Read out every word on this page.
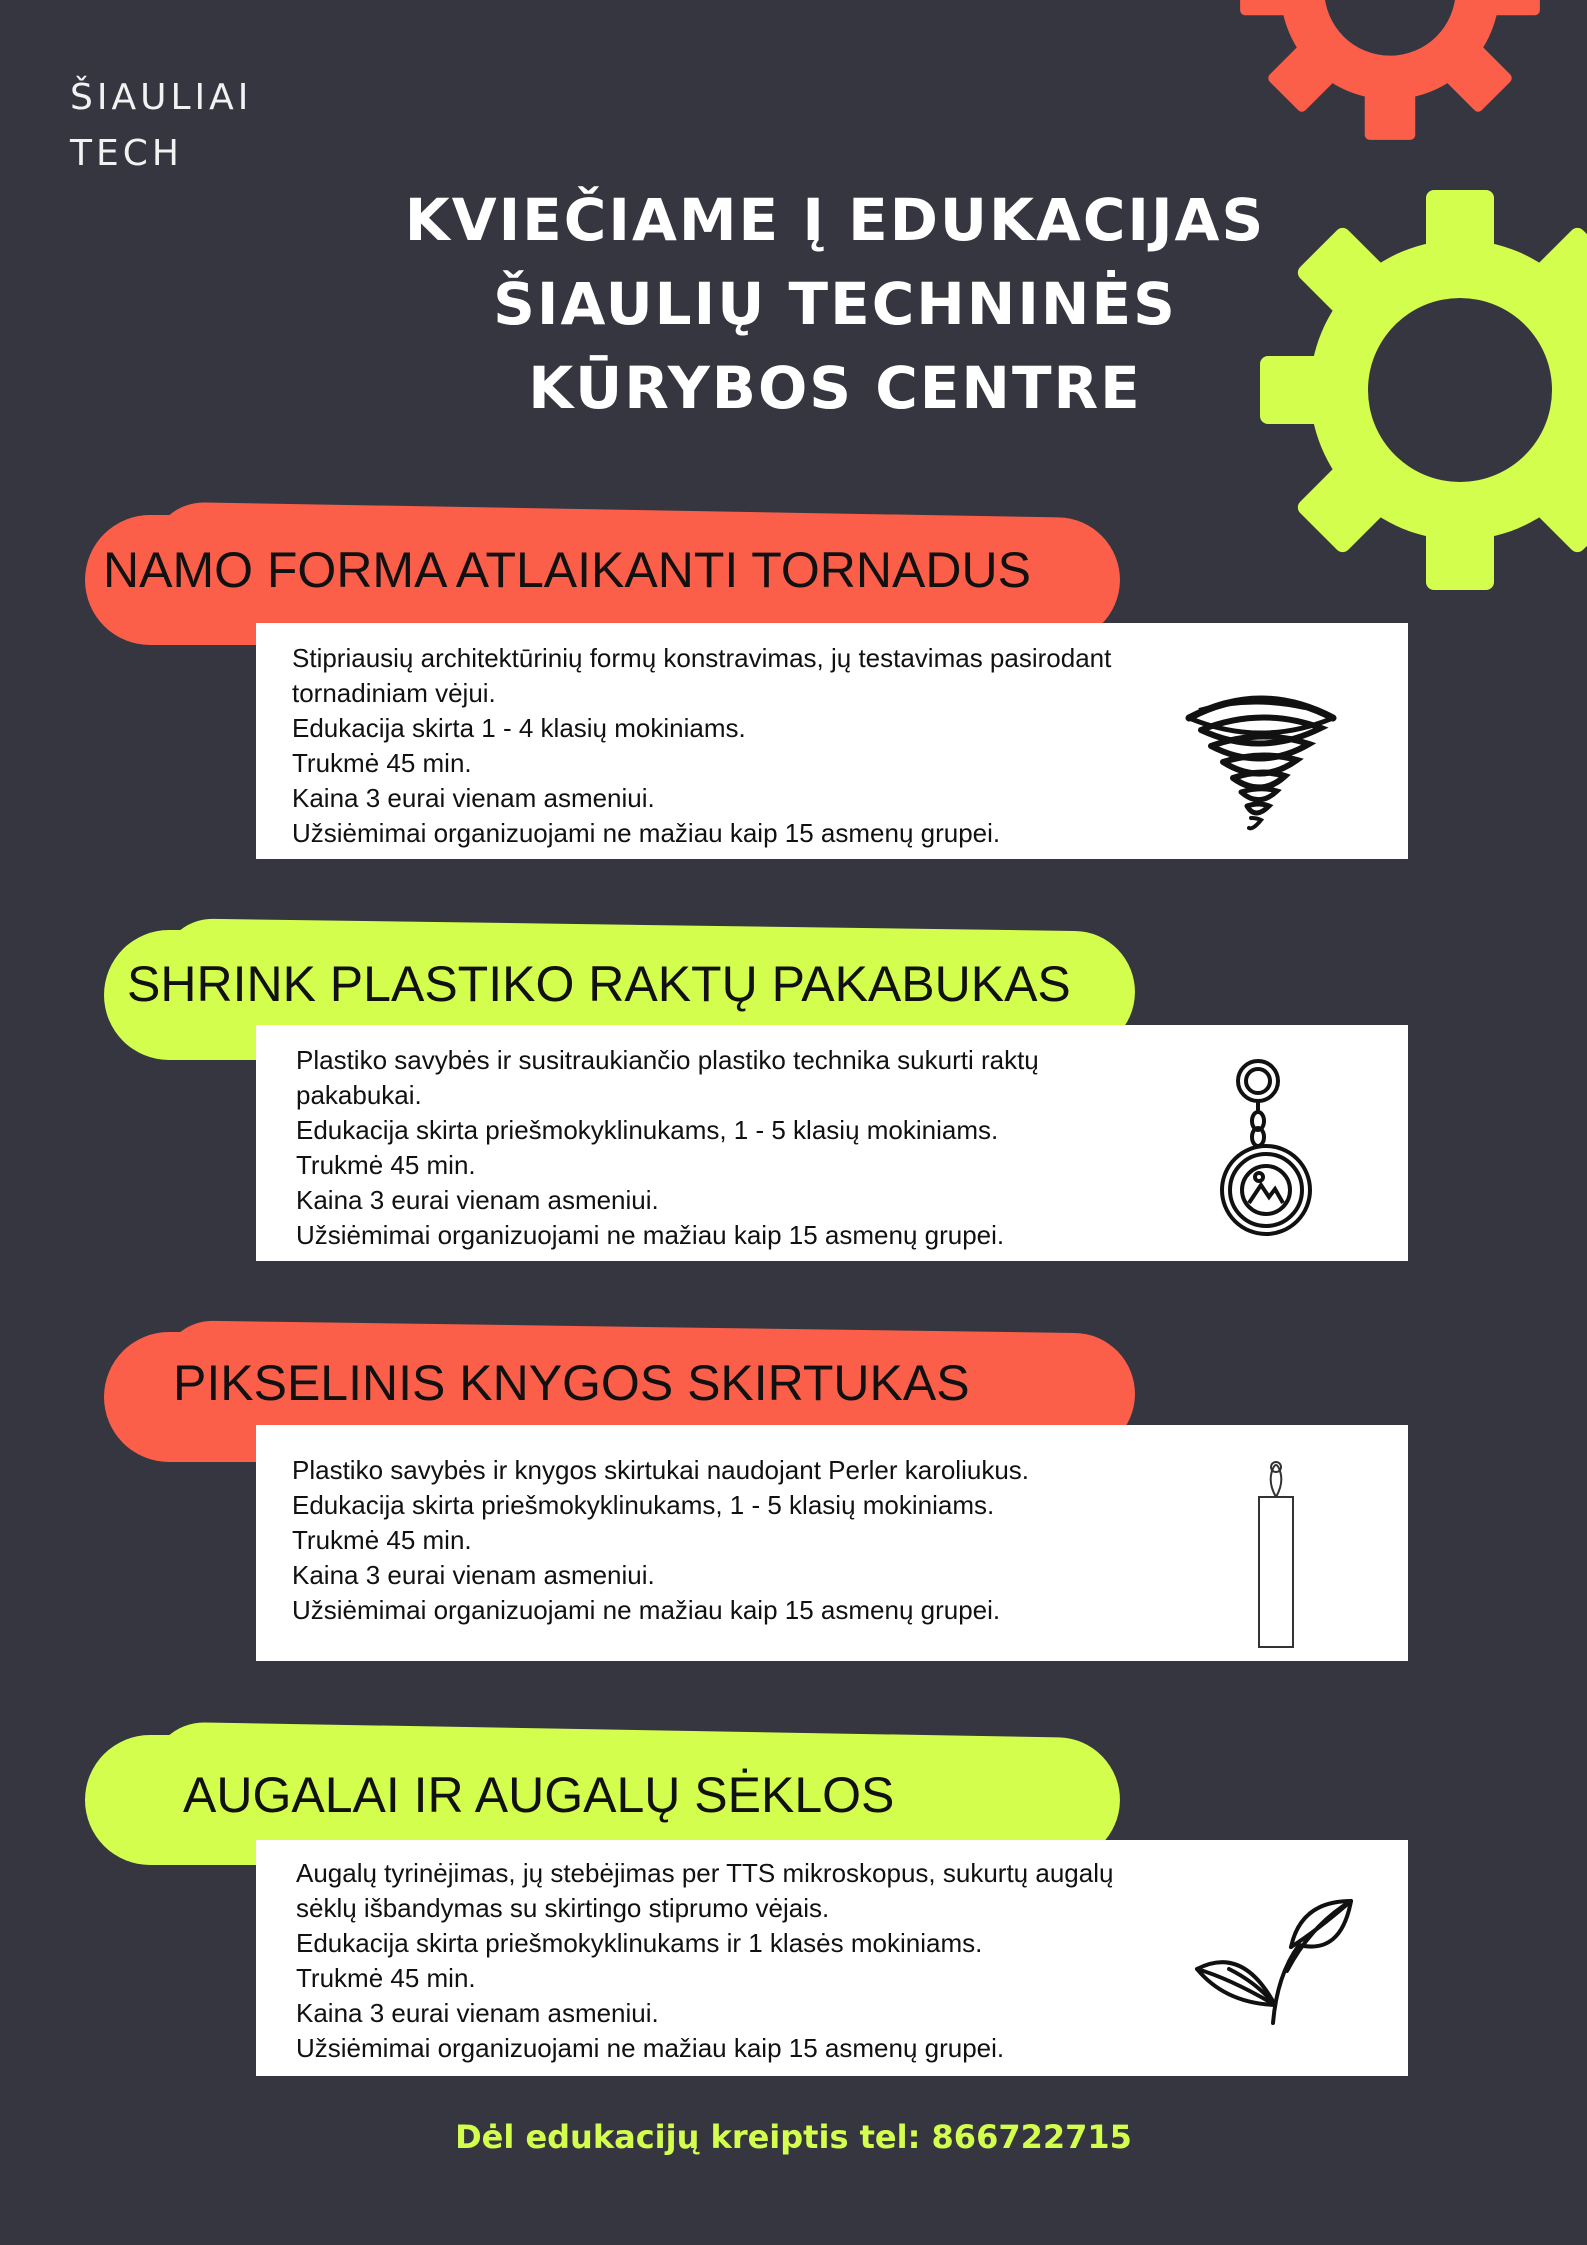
ŠIAULIAI
TECH
KVIEČIAME Į EDUKACIJAS
ŠIAULIŲ TECHNINĖS
KŪRYBOS CENTRE
NAMO FORMA ATLAIKANTI TORNADUS
Stipriausių architektūrinių formų konstravimas, jų testavimas pasirodant
tornadiniam vėjui.
Edukacija skirta 1 - 4 klasių mokiniams.
Trukmė 45 min.
Kaina 3 eurai vienam asmeniui.
Užsiėmimai organizuojami ne mažiau kaip 15 asmenų grupei.
SHRINK PLASTIKO RAKTŲ PAKABUKAS
Plastiko savybės ir susitraukiančio plastiko technika sukurti raktų
pakabukai.
Edukacija skirta priešmokyklinukams, 1 - 5 klasių mokiniams.
Trukmė 45 min.
Kaina 3 eurai vienam asmeniui.
Užsiėmimai organizuojami ne mažiau kaip 15 asmenų grupei.
PIKSELINIS KNYGOS SKIRTUKAS
Plastiko savybės ir knygos skirtukai naudojant Perler karoliukus.
Edukacija skirta priešmokyklinukams, 1 - 5 klasių mokiniams.
Trukmė 45 min.
Kaina 3 eurai vienam asmeniui.
Užsiėmimai organizuojami ne mažiau kaip 15 asmenų grupei.
AUGALAI IR AUGALŲ SĖKLOS
Augalų tyrinėjimas, jų stebėjimas per TTS mikroskopus, sukurtų augalų
sėklų išbandymas su skirtingo stiprumo vėjais.
Edukacija skirta priešmokyklinukams ir 1 klasės mokiniams.
Trukmė 45 min.
Kaina 3 eurai vienam asmeniui.
Užsiėmimai organizuojami ne mažiau kaip 15 asmenų grupei.
Dėl edukacijų kreiptis tel: 866722715
